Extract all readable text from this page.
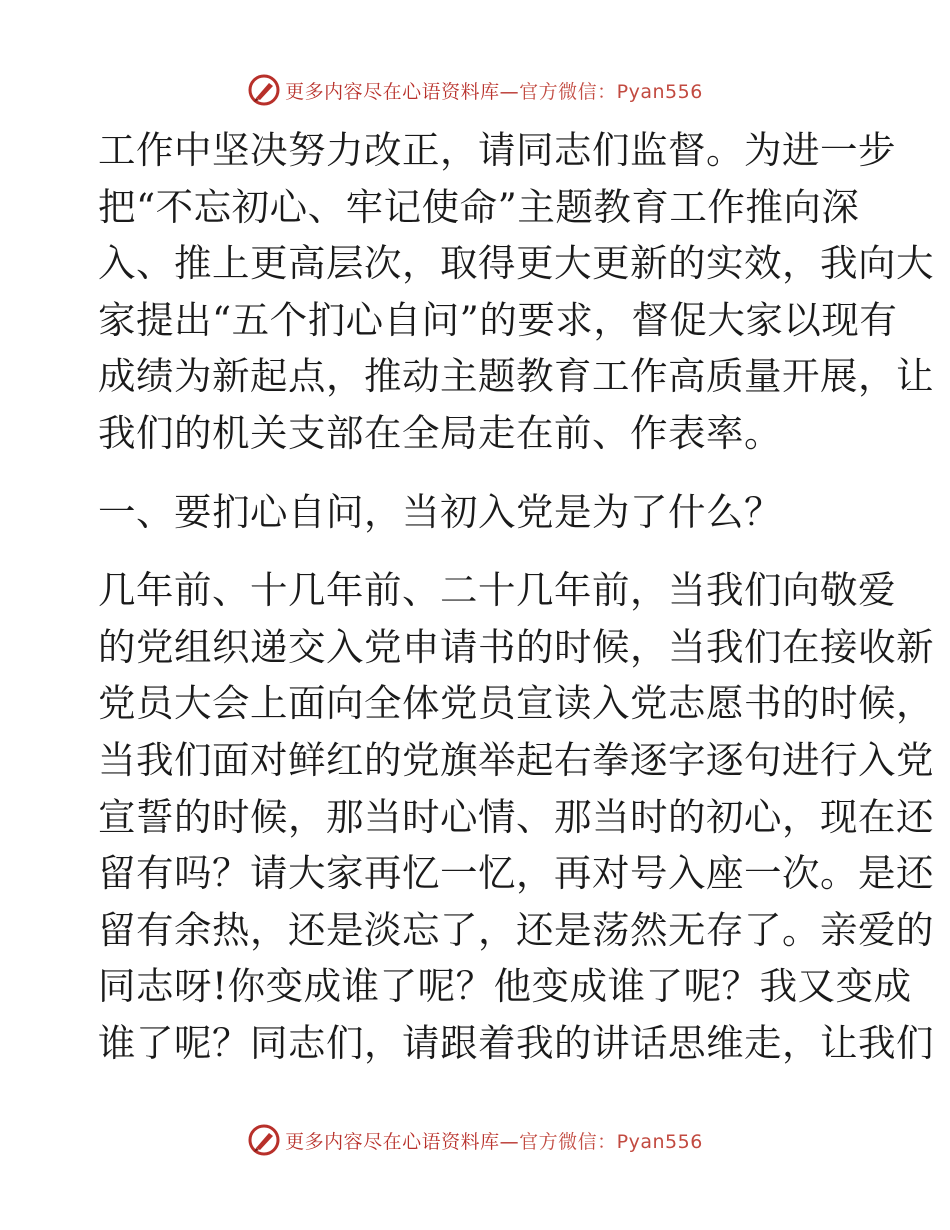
更多内容尽在心语资料库—官方微信：Pyan556
工作中坚决努力改正，请同志们监督。为进一步
把“不忘初心、牢记使命”主题教育工作推向深
入、推上更高层次，取得更大更新的实效，我向大
家提出“五个扪心自问”的要求，督促大家以现有
成绩为新起点，推动主题教育工作高质量开展，让
我们的机关支部在全局走在前、作表率。
一、要扪心自问，当初入党是为了什么？
几年前、十几年前、二十几年前，当我们向敬爱
的党组织递交入党申请书的时候，当我们在接收新
党员大会上面向全体党员宣读入党志愿书的时候，
当我们面对鲜红的党旗举起右拳逐字逐句进行入党
宣誓的时候，那当时心情、那当时的初心，现在还
留有吗？请大家再忆一忆，再对号入座一次。是还
留有余热，还是淡忘了，还是荡然无存了。亲爱的
同志呀!你变成谁了呢？他变成谁了呢？我又变成
谁了呢？同志们，请跟着我的讲话思维走，让我们
更多内容尽在心语资料库—官方微信：Pyan556
